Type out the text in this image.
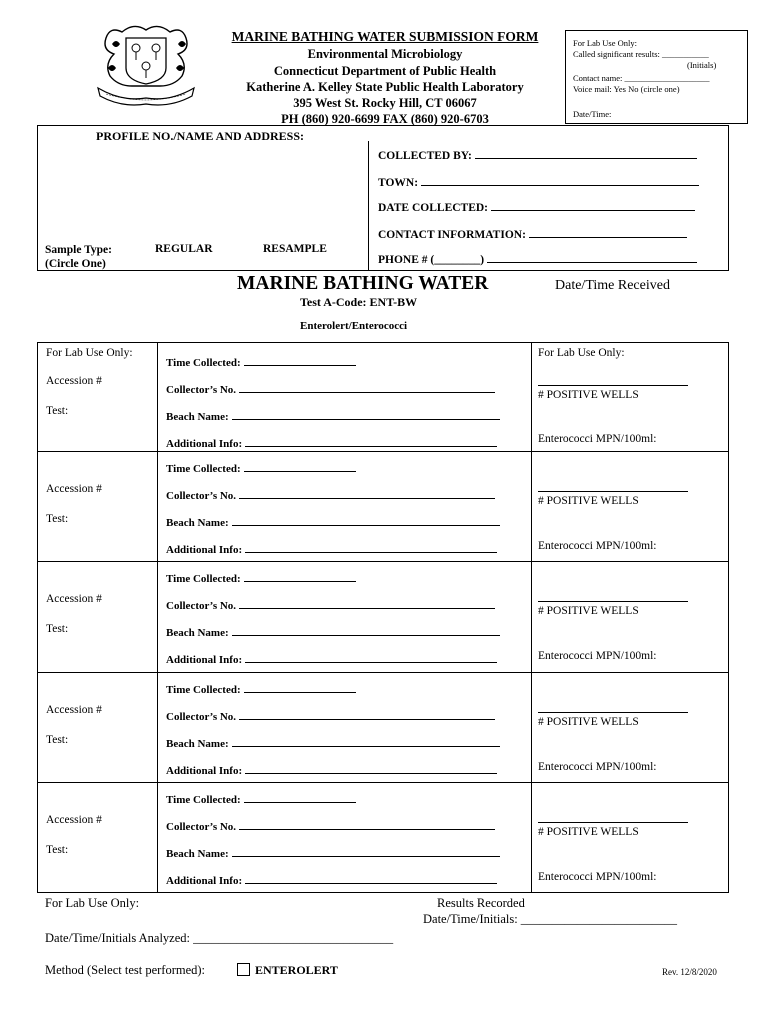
MARINE BATHING WATER SUBMISSION FORM
Environmental Microbiology
Connecticut Department of Public Health
Katherine A. Kelley State Public Health Laboratory
395 West St. Rocky Hill, CT 06067
PH (860) 920-6699 FAX (860) 920-6703
For Lab Use Only:
Called significant results: ___________
(Initials)
Contact name: ____________________
Voice mail: Yes No (circle one)
Date/Time:
PROFILE NO./NAME AND ADDRESS:
COLLECTED BY:
TOWN:
DATE COLLECTED:
CONTACT INFORMATION:
PHONE # (________)
Sample Type:
(Circle One)
REGULAR	RESAMPLE
MARINE BATHING WATER	Date/Time Received
Test A-Code: ENT-BW
Enterolert/Enterococci
For Lab Use Only:	For Lab Use Only:
Accession #
Test:
Time Collected:
Collector’s No.
Beach Name:
Additional Info:
# POSITIVE WELLS
Enterococci MPN/100ml:
Accession #
Test:
Time Collected:
Collector’s No.
Beach Name:
Additional Info:
# POSITIVE WELLS
Enterococci MPN/100ml:
Accession #
Test:
Time Collected:
Collector’s No.
Beach Name:
Additional Info:
# POSITIVE WELLS
Enterococci MPN/100ml:
Accession #
Test:
Time Collected:
Collector’s No.
Beach Name:
Additional Info:
# POSITIVE WELLS
Enterococci MPN/100ml:
Accession #
Test:
Time Collected:
Collector’s No.
Beach Name:
Additional Info:
# POSITIVE WELLS
Enterococci MPN/100ml:
For Lab Use Only:	Results Recorded
Date/Time/Initials: _________________________
Date/Time/Initials Analyzed: ________________________________
Method (Select test performed):	ENTEROLERT	Rev. 12/8/2020
